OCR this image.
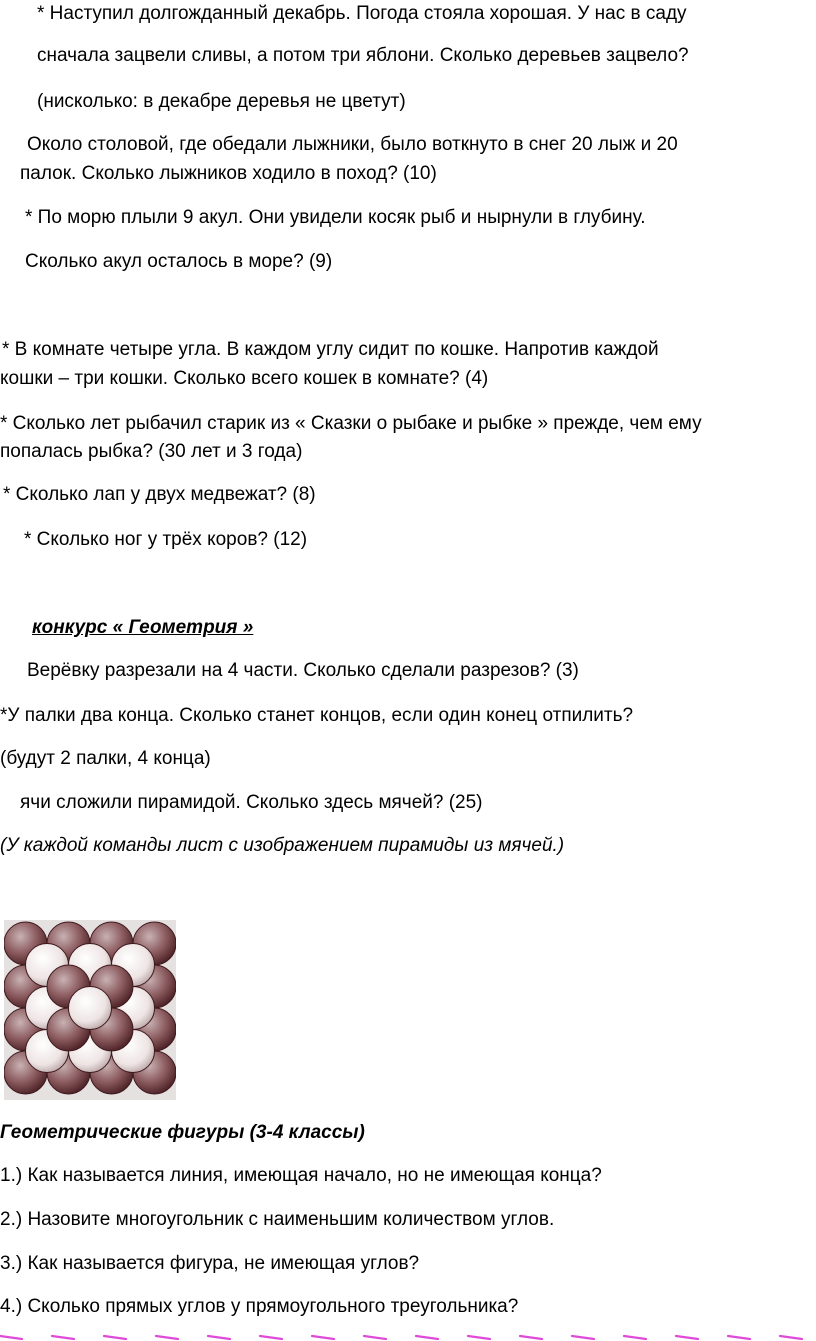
* Наступил долгожданный декабрь. Погода стояла хорошая. У нас в саду
сначала зацвели сливы, а потом три яблони. Сколько деревьев зацвело?
(нисколько: в декабре деревья не цветут)
Около столовой, где обедали лыжники, было воткнуто в снег 20 лыж и 20
палок. Сколько лыжников ходило в поход? (10)
* По морю плыли 9 акул. Они увидели косяк рыб и нырнули в глубину.
Сколько акул осталось в море? (9)
* В комнате четыре угла. В каждом углу сидит по кошке. Напротив каждой
кошки – три кошки. Сколько всего кошек в комнате? (4)
* Сколько лет рыбачил старик из « Сказки о рыбаке и рыбке » прежде, чем ему
попалась рыбка? (30 лет и 3 года)
* Сколько лап у двух медвежат? (8)
* Сколько ног у трёх коров? (12)
конкурс « Геометрия »
Верёвку разрезали на 4 части. Сколько сделали разрезов? (3)
*У палки два конца. Сколько станет концов, если один конец отпилить?
(будут 2 палки, 4 конца)
ячи сложили пирамидой. Сколько здесь мячей? (25)
(У каждой команды лист с изображением пирамиды из мячей.)
Геометрические фигуры (3-4 классы)
1.) Как называется линия, имеющая начало, но не имеющая конца?
2.) Назовите многоугольник с наименьшим количеством углов.
3.) Как называется фигура, не имеющая углов?
4.) Сколько прямых углов у прямоугольного треугольника?
